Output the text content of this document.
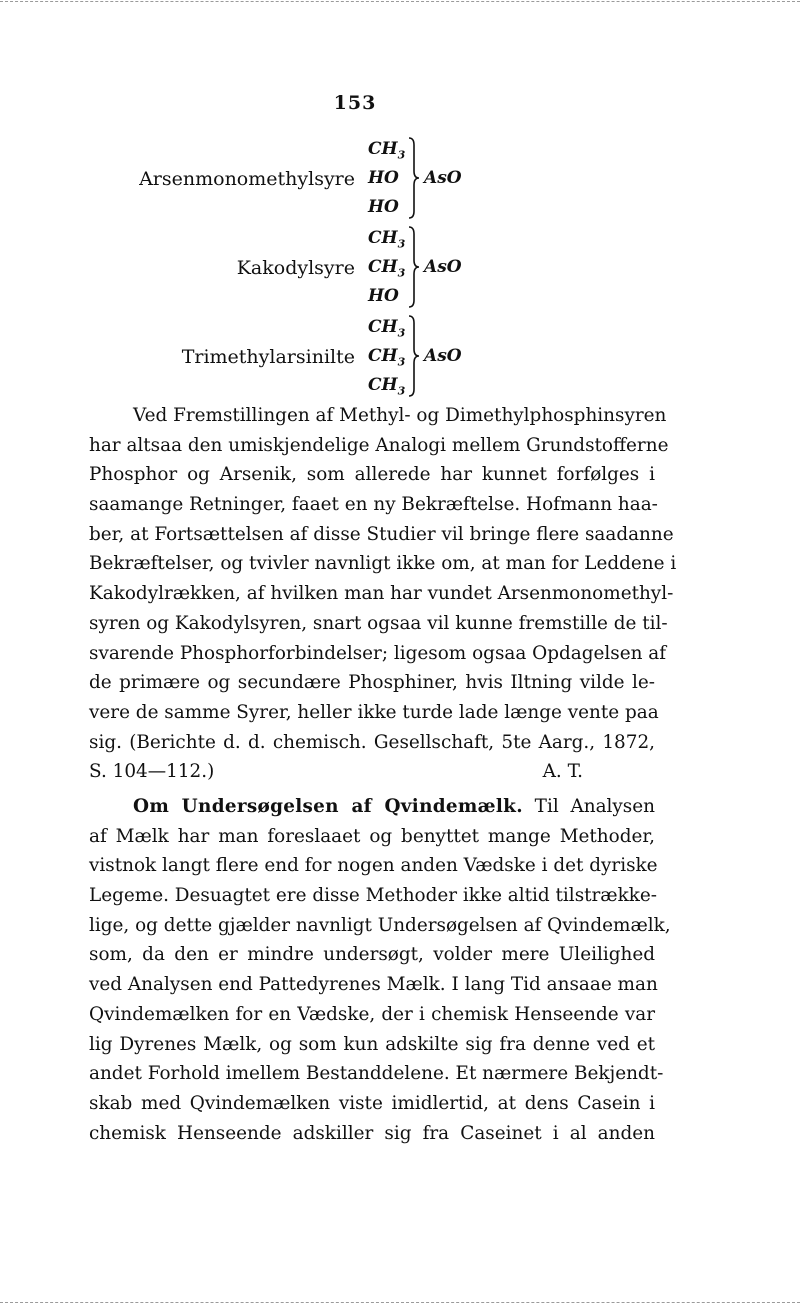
153
Arsenmonomethylsyre
$CH_3$
HO
HO
AsO
Kakodylsyre
$CH_3$
$CH_3$
HO
AsO
Trimethylarsinilte
$CH_3$
$CH_3$
$CH_3$
AsO
Ved Fremstillingen af Methyl- og Dimethylphosphinsyren
har altsaa den umiskjendelige Analogi mellem Grundstofferne
Phosphor og Arsenik, som allerede har kunnet forfølges i
saamange Retninger, faaet en ny Bekræftelse. Hofmann haa-
ber, at Fortsættelsen af disse Studier vil bringe flere saadanne
Bekræftelser, og tvivler navnligt ikke om, at man for Leddene i
Kakodylrækken, af hvilken man har vundet Arsenmonomethyl-
syren og Kakodylsyren, snart ogsaa vil kunne fremstille de til-
svarende Phosphorforbindelser; ligesom ogsaa Opdagelsen af
de primære og secundære Phosphiner, hvis Iltning vilde le-
vere de samme Syrer, heller ikke turde lade længe vente paa
sig. (Berichte d. d. chemisch. Gesellschaft, 5te Aarg., 1872,
S. 104—112.)	A. T.
Om Undersøgelsen af Qvindemælk. Til Analysen
af Mælk har man foreslaaet og benyttet mange Methoder,
vistnok langt flere end for nogen anden Vædske i det dyriske
Legeme. Desuagtet ere disse Methoder ikke altid tilstrække-
lige, og dette gjælder navnligt Undersøgelsen af Qvindemælk,
som, da den er mindre undersøgt, volder mere Uleilighed
ved Analysen end Pattedyrenes Mælk. I lang Tid ansaae man
Qvindemælken for en Vædske, der i chemisk Henseende var
lig Dyrenes Mælk, og som kun adskilte sig fra denne ved et
andet Forhold imellem Bestanddelene. Et nærmere Bekjendt-
skab med Qvindemælken viste imidlertid, at dens Casein i
chemisk Henseende adskiller sig fra Caseinet i al anden
